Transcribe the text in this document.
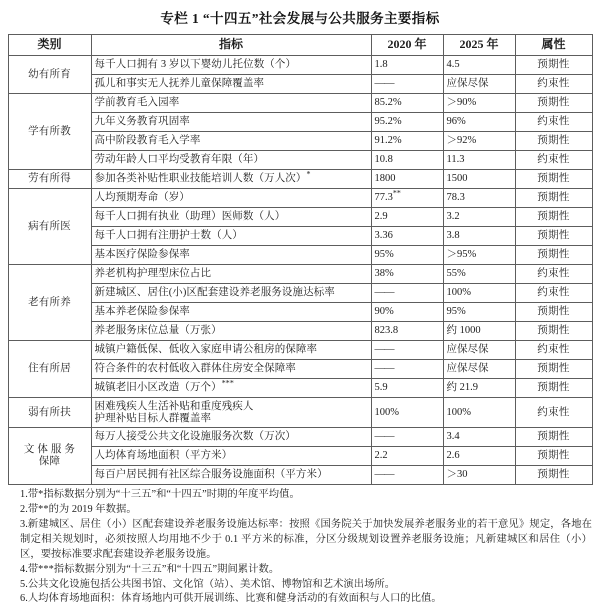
专栏 1 “十四五”社会发展与公共服务主要指标
类别	指标	2020 年	2025 年	属性

幼有所育	每千人口拥有 3 岁以下婴幼儿托位数（个）	1.8	4.5	预期性
	孤儿和事实无人抚养儿童保障覆盖率	——	应保尽保	约束性

学有所教	学前教育毛入园率	85.2%	＞90%	预期性
	九年义务教育巩固率	95.2%	96%	约束性
	高中阶段教育毛入学率	91.2%	＞92%	预期性
	劳动年龄人口平均受教育年限（年）	10.8	11.3	约束性

劳有所得	参加各类补贴性职业技能培训人数（万人次）*	1800	1500	预期性

病有所医	人均预期寿命（岁）	77.3**	78.3	预期性
	每千人口拥有执业（助理）医师数（人）	2.9	3.2	预期性
	每千人口拥有注册护士数（人）	3.36	3.8	预期性
	基本医疗保险参保率	95%	＞95%	预期性

老有所养	养老机构护理型床位占比	38%	55%	约束性
	新建城区、居住(小)区配套建设养老服务设施达标率	——	100%	约束性
	基本养老保险参保率	90%	95%	预期性
	养老服务床位总量（万张）	823.8	约 1000	预期性

住有所居	城镇户籍低保、低收入家庭申请公租房的保障率	——	应保尽保	约束性
	符合条件的农村低收入群体住房安全保障率	——	应保尽保	预期性
	城镇老旧小区改造（万个）***	5.9	约 21.9	预期性

弱有所扶	困难残疾人生活补贴和重度残疾人
护理补贴目标人群覆盖率	100%	100%	约束性

文 体 服 务
保障	每万人接受公共文化设施服务次数（万次）	——	3.4	预期性
	人均体育场地面积（平方米）	2.2	2.6	预期性
	每百户居民拥有社区综合服务设施面积（平方米）	——	＞30	预期性

1.带*指标数据分别为“十三五”和“十四五”时期的年度平均值。

2.带**的为 2019 年数据。

3.新建城区、居住（小）区配套建设养老服务设施达标率：按照《国务院关于加快发展养老服务业的若干意见》规定，各地在制定相关规划时，必须按照人均用地不少于 0.1 平方米的标准，分区分级规划设置养老服务设施；凡新建城区和居住（小）区，要按标准要求配套建设养老服务设施。

4.带***指标数据分别为“十三五”和“十四五”期间累计数。

5.公共文化设施包括公共图书馆、文化馆（站）、美术馆、博物馆和艺术演出场所。

6.人均体育场地面积：体育场地内可供开展训练、比赛和健身活动的有效面积与人口的比值。
